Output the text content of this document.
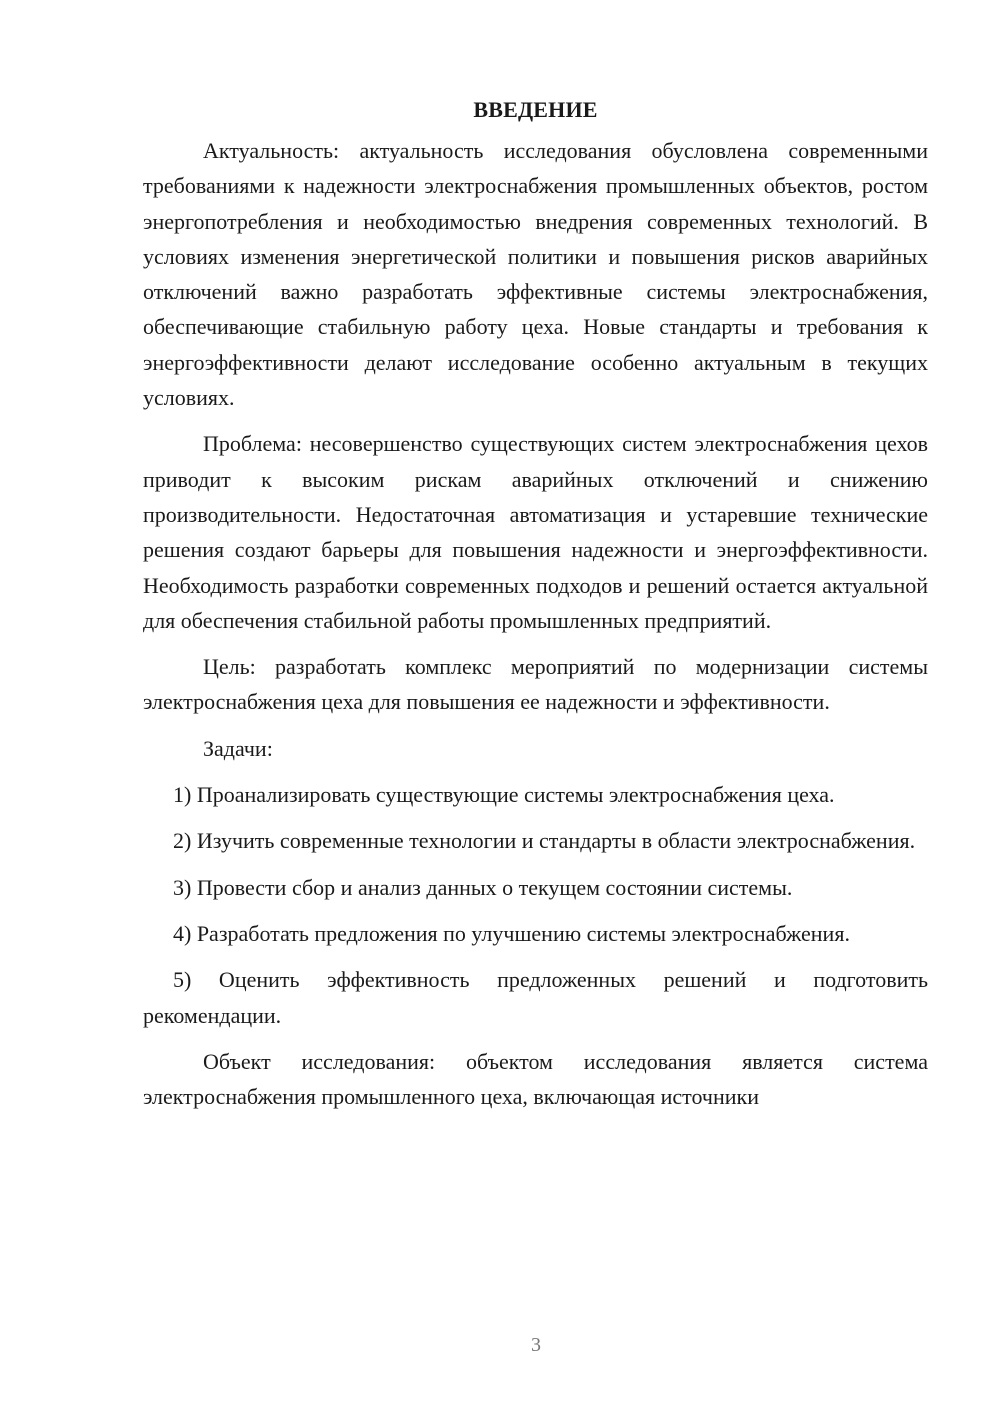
ВВЕДЕНИЕ

Актуальность: актуальность исследования обусловлена современными требованиями к надежности электроснабжения промышленных объектов, ростом энергопотребления и необходимостью внедрения современных технологий. В условиях изменения энергетической политики и повышения рисков аварийных отключений важно разработать эффективные системы электроснабжения, обеспечивающие стабильную работу цеха. Новые стандарты и требования к энергоэффективности делают исследование особенно актуальным в текущих условиях.

Проблема: несовершенство существующих систем электроснабжения цехов приводит к высоким рискам аварийных отключений и снижению производительности. Недостаточная автоматизация и устаревшие технические решения создают барьеры для повышения надежности и энергоэффективности. Необходимость разработки современных подходов и решений остается актуальной для обеспечения стабильной работы промышленных предприятий.

Цель: разработать комплекс мероприятий по модернизации системы электроснабжения цеха для повышения ее надежности и эффективности.

Задачи:

1) Проанализировать существующие системы электроснабжения цеха.

2) Изучить современные технологии и стандарты в области электроснабжения.

3) Провести сбор и анализ данных о текущем состоянии системы.

4) Разработать предложения по улучшению системы электроснабжения.

5) Оценить эффективность предложенных решений и подготовить рекомендации.

Объект исследования: объектом исследования является система электроснабжения промышленного цеха, включающая источники

3
